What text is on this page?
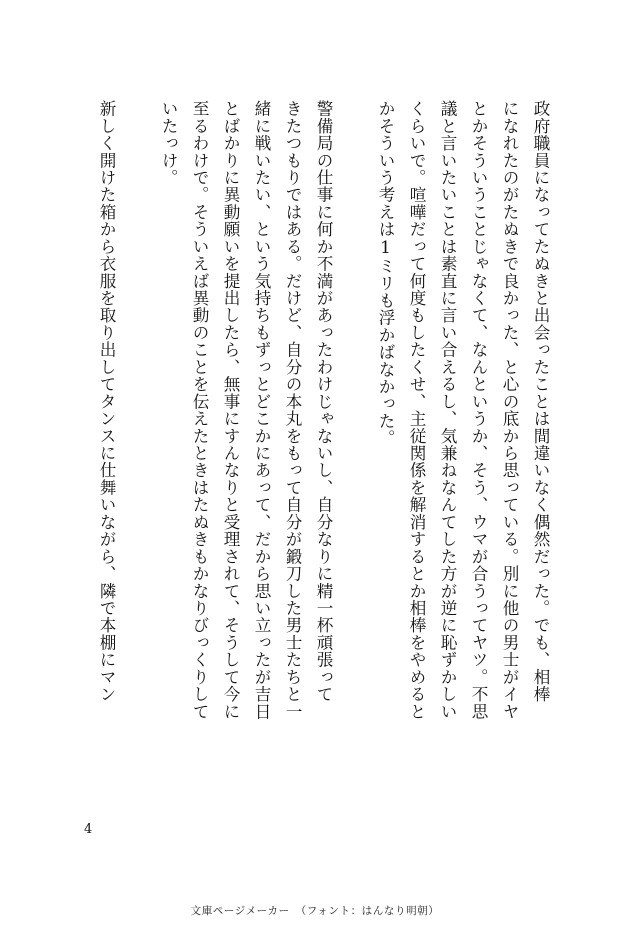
政府職員になってたぬきと出会ったことは間違いなく偶然だった。でも、相棒
になれたのがたぬきで良かった、と心の底から思っている。別に他の男士がイヤ
とかそういうことじゃなくて、なんというか、そう、ウマが合うってヤツ。不思
議と言いたいことは素直に言い合えるし、気兼ねなんてした方が逆に恥ずかしい
くらいで。喧嘩だって何度もしたくせ、主従関係を解消するとか相棒をやめると
かそういう考えは1ミリも浮かばなかった。
警備局の仕事に何か不満があったわけじゃないし、自分なりに精一杯頑張って
きたつもりではある。だけど、自分の本丸をもって自分が鍛刀した男士たちと一
緒に戦いたい、という気持ちもずっとどこかにあって、だから思い立ったが吉日
とばかりに異動願いを提出したら、無事にすんなりと受理されて、そうして今に
至るわけで。そういえば異動のことを伝えたときはたぬきもかなりびっくりして
いたっけ。
新しく開けた箱から衣服を取り出してタンスに仕舞いながら、隣で本棚にマン
4
文庫ページメーカー　（フォント：はんなり明朝）
